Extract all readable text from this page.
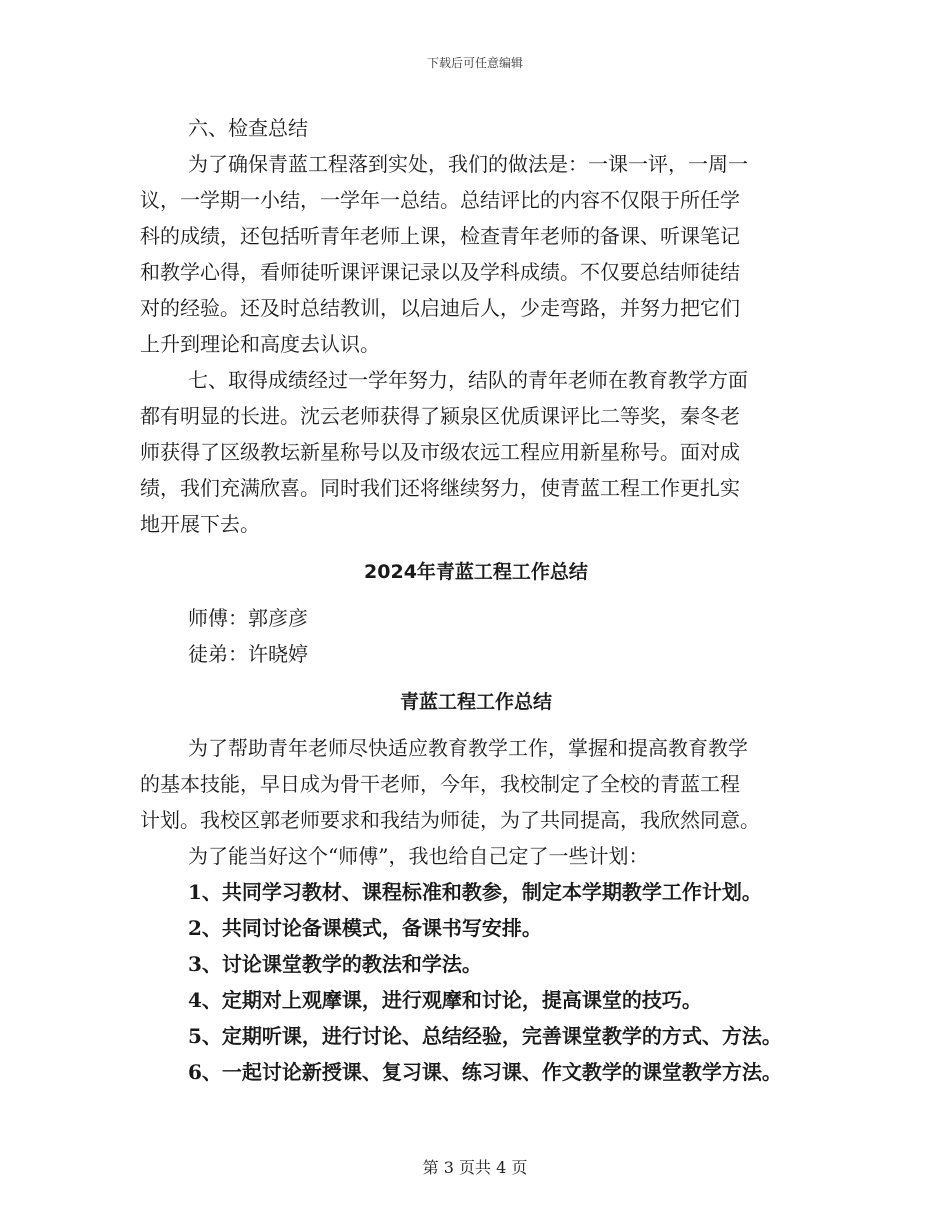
下载后可任意编辑
六、检查总结
为了确保青蓝工程落到实处，我们的做法是：一课一评，一周一
议，一学期一小结，一学年一总结。总结评比的内容不仅限于所任学
科的成绩，还包括听青年老师上课，检查青年老师的备课、听课笔记
和教学心得，看师徒听课评课记录以及学科成绩。不仅要总结师徒结
对的经验。还及时总结教训，以启迪后人，少走弯路，并努力把它们
上升到理论和高度去认识。
七、取得成绩经过一学年努力，结队的青年老师在教育教学方面
都有明显的长进。沈云老师获得了颍泉区优质课评比二等奖，秦冬老
师获得了区级教坛新星称号以及市级农远工程应用新星称号。面对成
绩，我们充满欣喜。同时我们还将继续努力，使青蓝工程工作更扎实
地开展下去。
2024年青蓝工程工作总结
师傅：郭彦彦
徒弟：许晓婷
青蓝工程工作总结
为了帮助青年老师尽快适应教育教学工作，掌握和提高教育教学
的基本技能，早日成为骨干老师，今年，我校制定了全校的青蓝工程
计划。我校区郭老师要求和我结为师徒，为了共同提高，我欣然同意。
为了能当好这个“师傅”，我也给自己定了一些计划：
1、共同学习教材、课程标准和教参，制定本学期教学工作计划。
2、共同讨论备课模式，备课书写安排。
3、讨论课堂教学的教法和学法。
4、定期对上观摩课，进行观摩和讨论，提高课堂的技巧。
5、定期听课，进行讨论、总结经验，完善课堂教学的方式、方法。
6、一起讨论新授课、复习课、练习课、作文教学的课堂教学方法。
第 3 页共 4 页
